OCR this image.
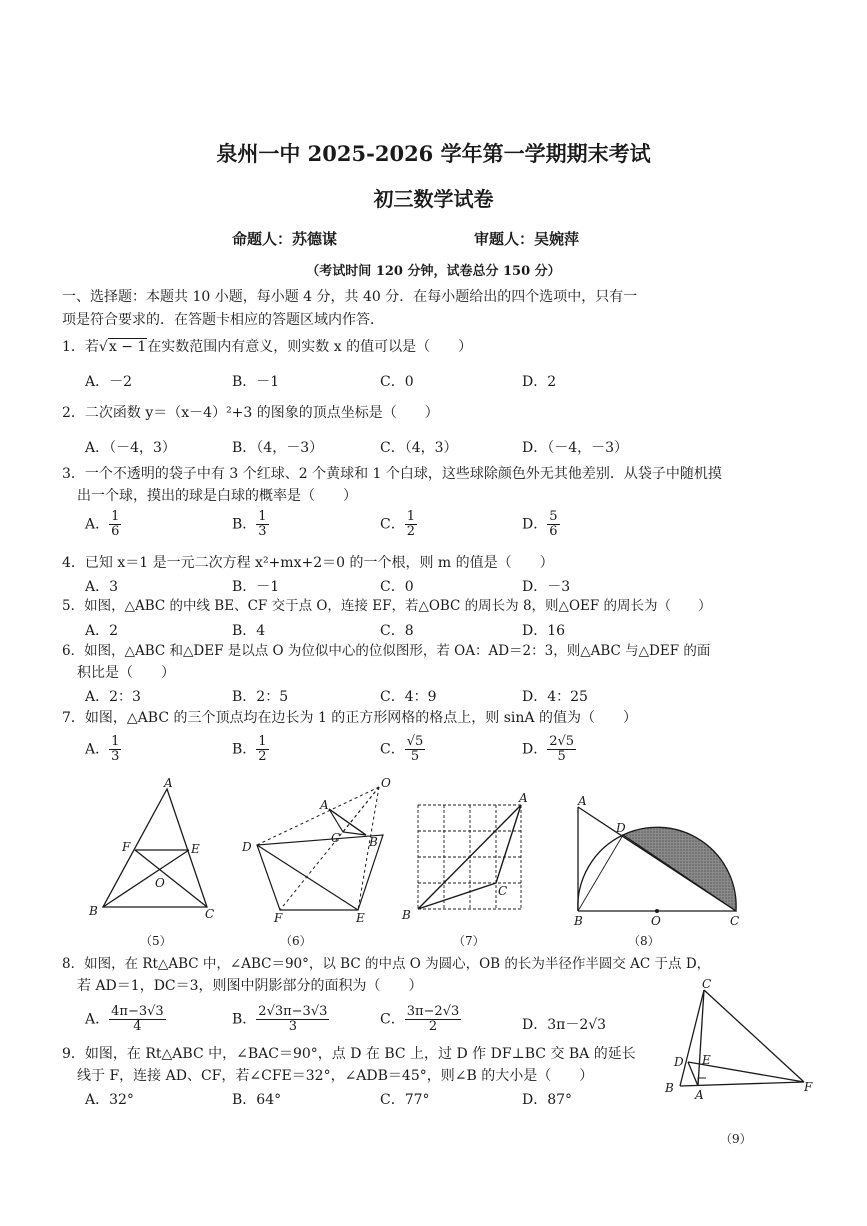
泉州一中 2025-2026 学年第一学期期末考试
初三数学试卷
命题人：苏德谋	审题人：吴婉萍
（考试时间 120 分钟，试卷总分 150 分）
一、选择题：本题共 10 小题，每小题 4 分，共 40 分．在每小题给出的四个选项中，只有一
项是符合要求的．在答题卡相应的答题区域内作答．
1．若√x − 1在实数范围内有意义，则实数 x 的值可以是（　　）
A．－2	B．－1	C．0	D．2
2．二次函数 y＝（x－4）²+3 的图象的顶点坐标是（　　）
A．（－4，3）	B．（4，－3）	C．（4，3）	D．（－4，－3）
3．一个不透明的袋子中有 3 个红球、2 个黄球和 1 个白球，这些球除颜色外无其他差别．从袋子中随机摸
出一个球，摸出的球是白球的概率是（　　）
A． $\frac{1}{6}$	B． $\frac{1}{3}$	C． $\frac{1}{2}$	D． $\frac{5}{6}$
4．已知 x＝1 是一元二次方程 x²+mx+2＝0 的一个根，则 m 的值是（　　）
A．3	B．－1	C．0	D．－3
5．如图，△ABC 的中线 BE、CF 交于点 O，连接 EF，若△OBC 的周长为 8，则△OEF 的周长为（　　）
A．2	B．4	C．8	D．16
6．如图，△ABC 和△DEF 是以点 O 为位似中心的位似图形，若 OA：AD＝2：3，则△ABC 与△DEF 的面
积比是（　　）
A．2：3	B．2：5	C．4：9	D．4：25
7．如图，△ABC 的三个顶点均在边长为 1 的正方形网格的格点上，则 sinA 的值为（　　）
A． $\frac{1}{3}$	B． $\frac{1}{2}$	C． $\frac{√5}{5}$	D． $\frac{2√5}{5}$
A
B	C
E
F
O
A
B
C
D
E
F
O
A
B
C
A
B	C
D
O
（5）	（6）	（7）	（8）
8．如图，在 Rt△ABC 中，∠ABC＝90°，以 BC 的中点 O 为圆心，OB 的长为半径作半圆交 AC 于点 D，
若 AD＝1，DC＝3，则图中阴影部分的面积为（　　）
A． $\frac{4\pi-3√3}{4}$	B． $\frac{2√3\pi-3√3}{3}$	C． $\frac{3\pi-2√3}{2}$	D．3π－2√3
9．如图，在 Rt△ABC 中，∠BAC＝90°，点 D 在 BC 上，过 D 作 DF⊥BC 交 BA 的延长
线于 F，连接 AD、CF，若∠CFE＝32°，∠ADB＝45°，则∠B 的大小是（　　）
A．32°	B．64°	C．77°	D．87°
C
B A
D E
F
（9）
